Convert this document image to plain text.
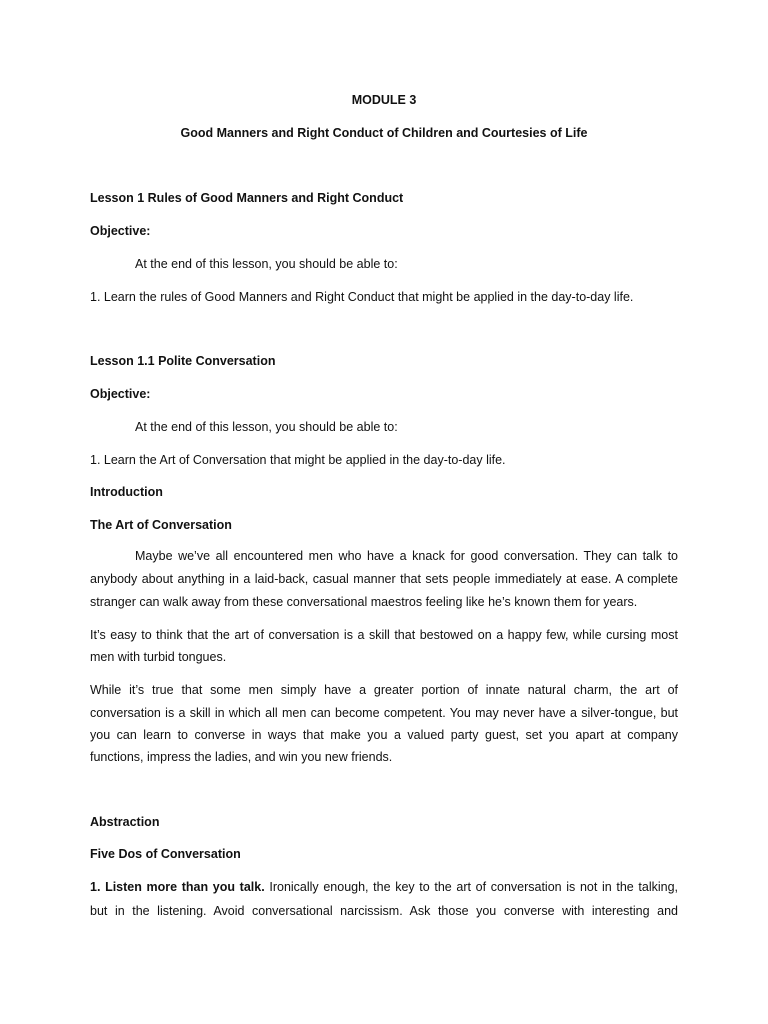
MODULE 3
Good Manners and Right Conduct of Children and Courtesies of Life
Lesson 1 Rules of Good Manners and Right Conduct
Objective:
At the end of this lesson, you should be able to:
1. Learn the rules of Good Manners and Right Conduct that might be applied in the day-to-day life.
Lesson 1.1 Polite Conversation
Objective:
At the end of this lesson, you should be able to:
1. Learn the Art of Conversation that might be applied in the day-to-day life.
Introduction
The Art of Conversation
Maybe we’ve all encountered men who have a knack for good conversation. They can talk to
anybody about anything in a laid-back, casual manner that sets people immediately at ease. A complete
stranger can walk away from these conversational maestros feeling like he’s known them for years.
It’s easy to think that the art of conversation is a skill that bestowed on a happy few, while cursing most
men with turbid tongues.
While it’s true that some men simply have a greater portion of innate natural charm, the art of
conversation is a skill in which all men can become competent. You may never have a silver-tongue, but
you can learn to converse in ways that make you a valued party guest, set you apart at company
functions, impress the ladies, and win you new friends.
Abstraction
Five Dos of Conversation
1. Listen more than you talk. Ironically enough, the key to the art of conversation is not in the talking,
but in the listening. Avoid conversational narcissism. Ask those you converse with interesting and
